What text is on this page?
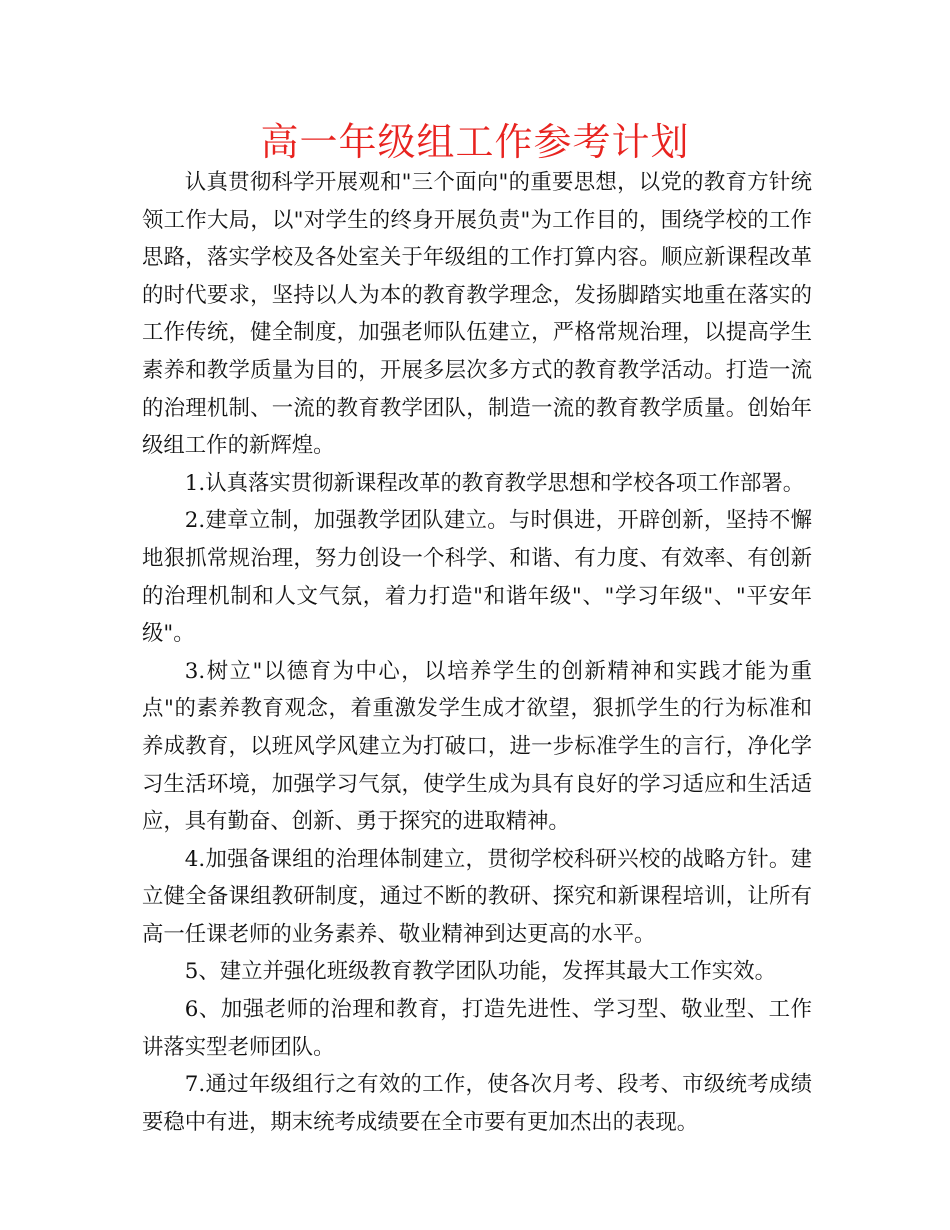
高一年级组工作参考计划

认真贯彻科学开展观和"三个面向"的重要思想，以党的教育方针统领工作大局，以"对学生的终身开展负责"为工作目的，围绕学校的工作思路，落实学校及各处室关于年级组的工作打算内容。顺应新课程改革的时代要求，坚持以人为本的教育教学理念，发扬脚踏实地重在落实的工作传统，健全制度，加强老师队伍建立，严格常规治理，以提高学生素养和教学质量为目的，开展多层次多方式的教育教学活动。打造一流的治理机制、一流的教育教学团队，制造一流的教育教学质量。创始年级组工作的新辉煌。

1.认真落实贯彻新课程改革的教育教学思想和学校各项工作部署。

2.建章立制，加强教学团队建立。与时俱进，开辟创新，坚持不懈地狠抓常规治理，努力创设一个科学、和谐、有力度、有效率、有创新的治理机制和人文气氛，着力打造"和谐年级"、"学习年级"、"平安年级"。

3.树立"以德育为中心，以培养学生的创新精神和实践才能为重点"的素养教育观念，着重激发学生成才欲望，狠抓学生的行为标准和养成教育，以班风学风建立为打破口，进一步标准学生的言行，净化学习生活环境，加强学习气氛，使学生成为具有良好的学习适应和生活适应，具有勤奋、创新、勇于探究的进取精神。

4.加强备课组的治理体制建立，贯彻学校科研兴校的战略方针。建立健全备课组教研制度，通过不断的教研、探究和新课程培训，让所有高一任课老师的业务素养、敬业精神到达更高的水平。

5、建立并强化班级教育教学团队功能，发挥其最大工作实效。

6、加强老师的治理和教育，打造先进性、学习型、敬业型、工作讲落实型老师团队。

7.通过年级组行之有效的工作，使各次月考、段考、市级统考成绩要稳中有进，期末统考成绩要在全市要有更加杰出的表现。
